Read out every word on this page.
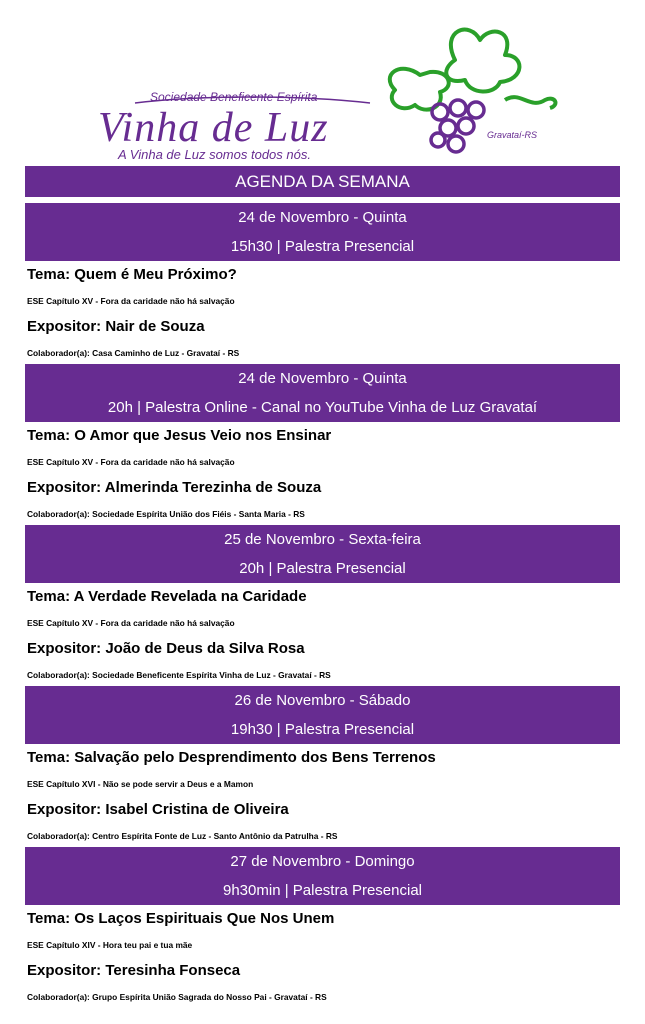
Sociedade Beneficente Espírita
Vinha de Luz	Gravataí-RS
A Vinha de Luz somos todos nós.
AGENDA DA SEMANA
24 de Novembro - Quinta
15h30 | Palestra Presencial
Tema: Quem é Meu Próximo?
ESE Capítulo XV - Fora da caridade não há salvação
Expositor: Nair de Souza
Colaborador(a): Casa Caminho de Luz - Gravataí - RS
24 de Novembro - Quinta
20h | Palestra Online - Canal no YouTube Vinha de Luz Gravataí
Tema: O Amor que Jesus Veio nos Ensinar
ESE Capítulo XV - Fora da caridade não há salvação
Expositor: Almerinda Terezinha de Souza
Colaborador(a): Sociedade Espírita União dos Fiéis - Santa Maria - RS
25 de Novembro - Sexta-feira
20h | Palestra Presencial
Tema: A Verdade Revelada na Caridade
ESE Capítulo XV - Fora da caridade não há salvação
Expositor: João de Deus da Silva Rosa
Colaborador(a): Sociedade Beneficente Espírita Vinha de Luz - Gravataí - RS
26 de Novembro - Sábado
19h30 | Palestra Presencial
Tema: Salvação pelo Desprendimento dos Bens Terrenos
ESE Capítulo XVI - Não se pode servir a Deus e a Mamon
Expositor: Isabel Cristina de Oliveira
Colaborador(a): Centro Espírita Fonte de Luz - Santo Antônio da Patrulha - RS
27 de Novembro - Domingo
9h30min | Palestra Presencial
Tema: Os Laços Espirituais Que Nos Unem
ESE Capítulo XIV - Hora teu pai e tua mãe
Expositor: Teresinha Fonseca
Colaborador(a): Grupo Espírita União Sagrada do Nosso Pai - Gravataí - RS
